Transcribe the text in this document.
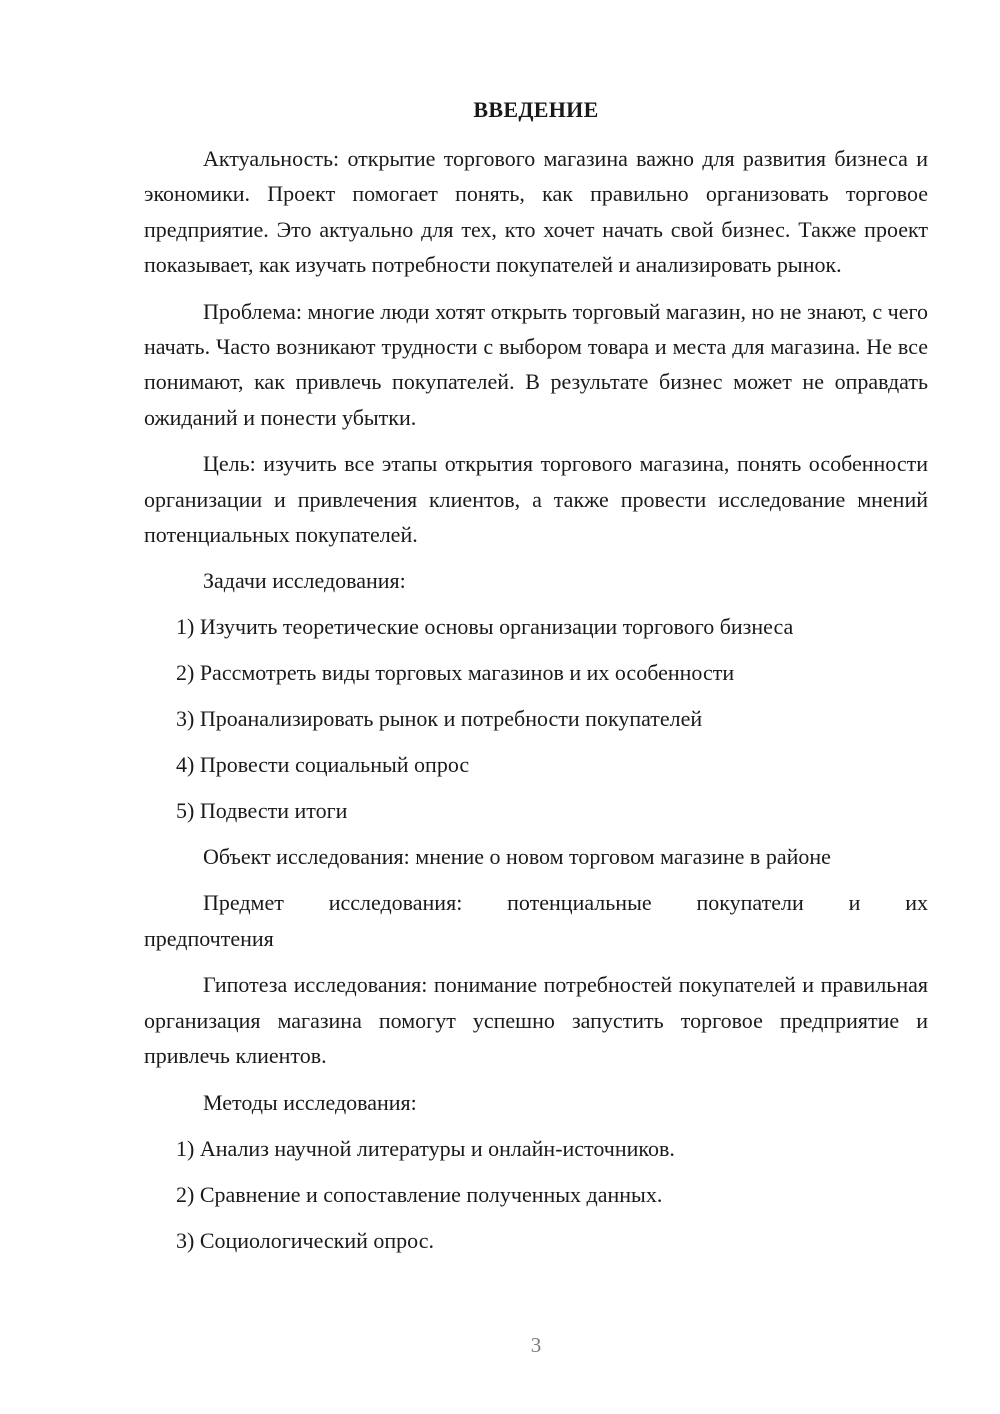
ВВЕДЕНИЕ

Актуальность: открытие торгового магазина важно для развития бизнеса и экономики. Проект помогает понять, как правильно организовать торговое предприятие. Это актуально для тех, кто хочет начать свой бизнес. Также проект показывает, как изучать потребности покупателей и анализировать рынок.

Проблема: многие люди хотят открыть торговый магазин, но не знают, с чего начать. Часто возникают трудности с выбором товара и места для магазина. Не все понимают, как привлечь покупателей. В результате бизнес может не оправдать ожиданий и понести убытки.

Цель: изучить все этапы открытия торгового магазина, понять особенности организации и привлечения клиентов, а также провести исследование мнений потенциальных покупателей.

Задачи исследования:
1) Изучить теоретические основы организации торгового бизнеса
2) Рассмотреть виды торговых магазинов и их особенности
3) Проанализировать рынок и потребности покупателей
4) Провести социальный опрос
5) Подвести итоги
Объект исследования: мнение о новом торговом магазине в районе
Предмет исследования: потенциальные покупатели и их
предпочтения

Гипотеза исследования: понимание потребностей покупателей и правильная организация магазина помогут успешно запустить торговое предприятие и привлечь клиентов.

Методы исследования:
1) Анализ научной литературы и онлайн-источников.
2) Сравнение и сопоставление полученных данных.
3) Социологический опрос.
3
